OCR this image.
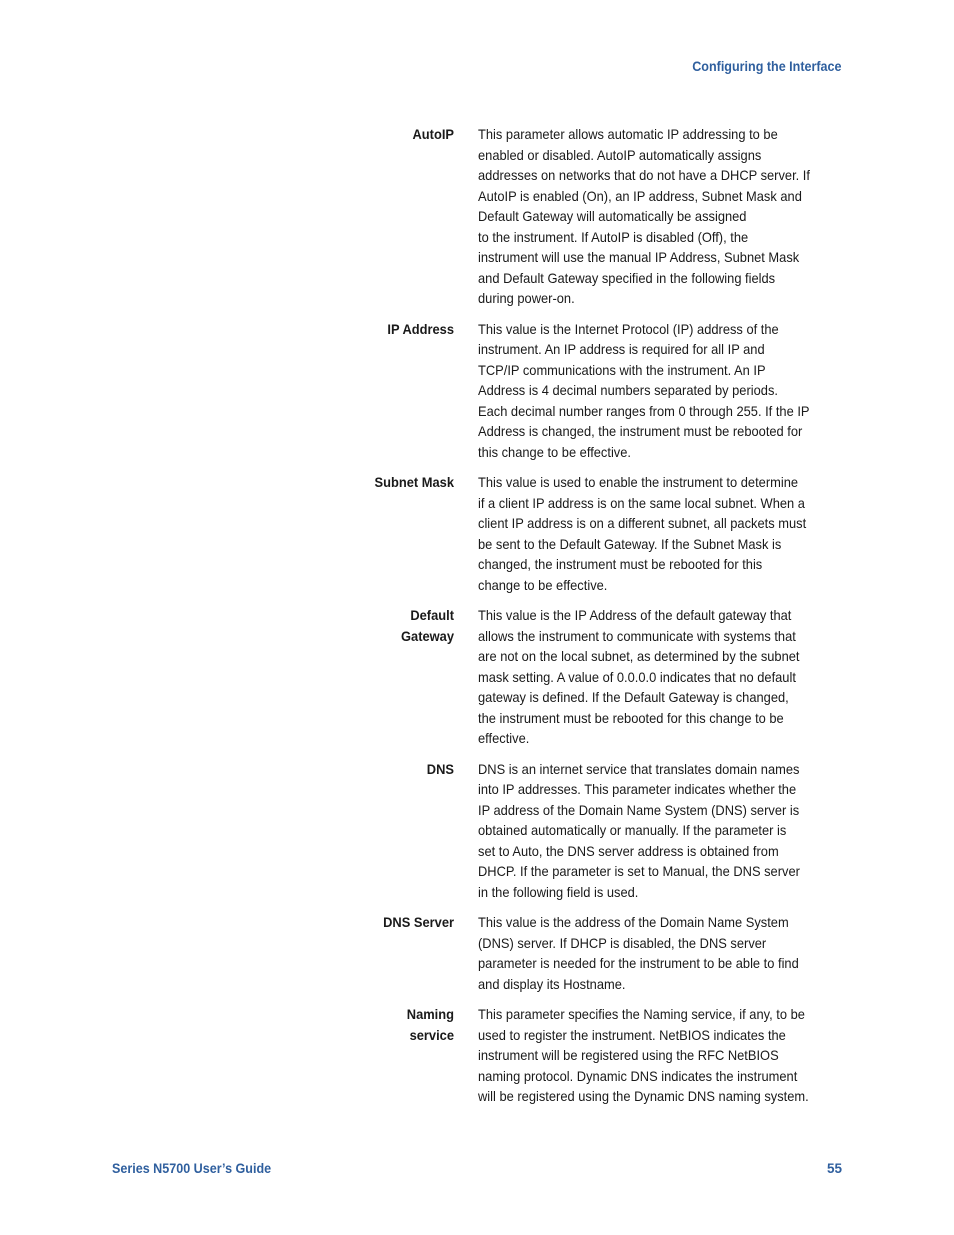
Configuring the Interface
AutoIP This parameter allows automatic IP addressing to be
enabled or disabled. AutoIP automatically assigns
addresses on networks that do not have a DHCP server. If
AutoIP is enabled (On), an IP address, Subnet Mask and
Default Gateway will automatically be assigned
to the instrument. If AutoIP is disabled (Off), the
instrument will use the manual IP Address, Subnet Mask
and Default Gateway specified in the following fields
during power-on.
IP Address This value is the Internet Protocol (IP) address of the
instrument. An IP address is required for all IP and
TCP/IP communications with the instrument. An IP
Address is 4 decimal numbers separated by periods.
Each decimal number ranges from 0 through 255. If the IP
Address is changed, the instrument must be rebooted for
this change to be effective.
Subnet Mask This value is used to enable the instrument to determine
if a client IP address is on the same local subnet. When a
client IP address is on a different subnet, all packets must
be sent to the Default Gateway. If the Subnet Mask is
changed, the instrument must be rebooted for this
change to be effective.
Default
Gateway
This value is the IP Address of the default gateway that
allows the instrument to communicate with systems that
are not on the local subnet, as determined by the subnet
mask setting. A value of 0.0.0.0 indicates that no default
gateway is defined. If the Default Gateway is changed,
the instrument must be rebooted for this change to be
effective.
DNS DNS is an internet service that translates domain names
into IP addresses. This parameter indicates whether the
IP address of the Domain Name System (DNS) server is
obtained automatically or manually. If the parameter is
set to Auto, the DNS server address is obtained from
DHCP. If the parameter is set to Manual, the DNS server
in the following field is used.
DNS Server This value is the address of the Domain Name System
(DNS) server. If DHCP is disabled, the DNS server
parameter is needed for the instrument to be able to find
and display its Hostname.
Naming
service
This parameter specifies the Naming service, if any, to be
used to register the instrument. NetBIOS indicates the
instrument will be registered using the RFC NetBIOS
naming protocol. Dynamic DNS indicates the instrument
will be registered using the Dynamic DNS naming system.
Series N5700 User’s Guide	55
